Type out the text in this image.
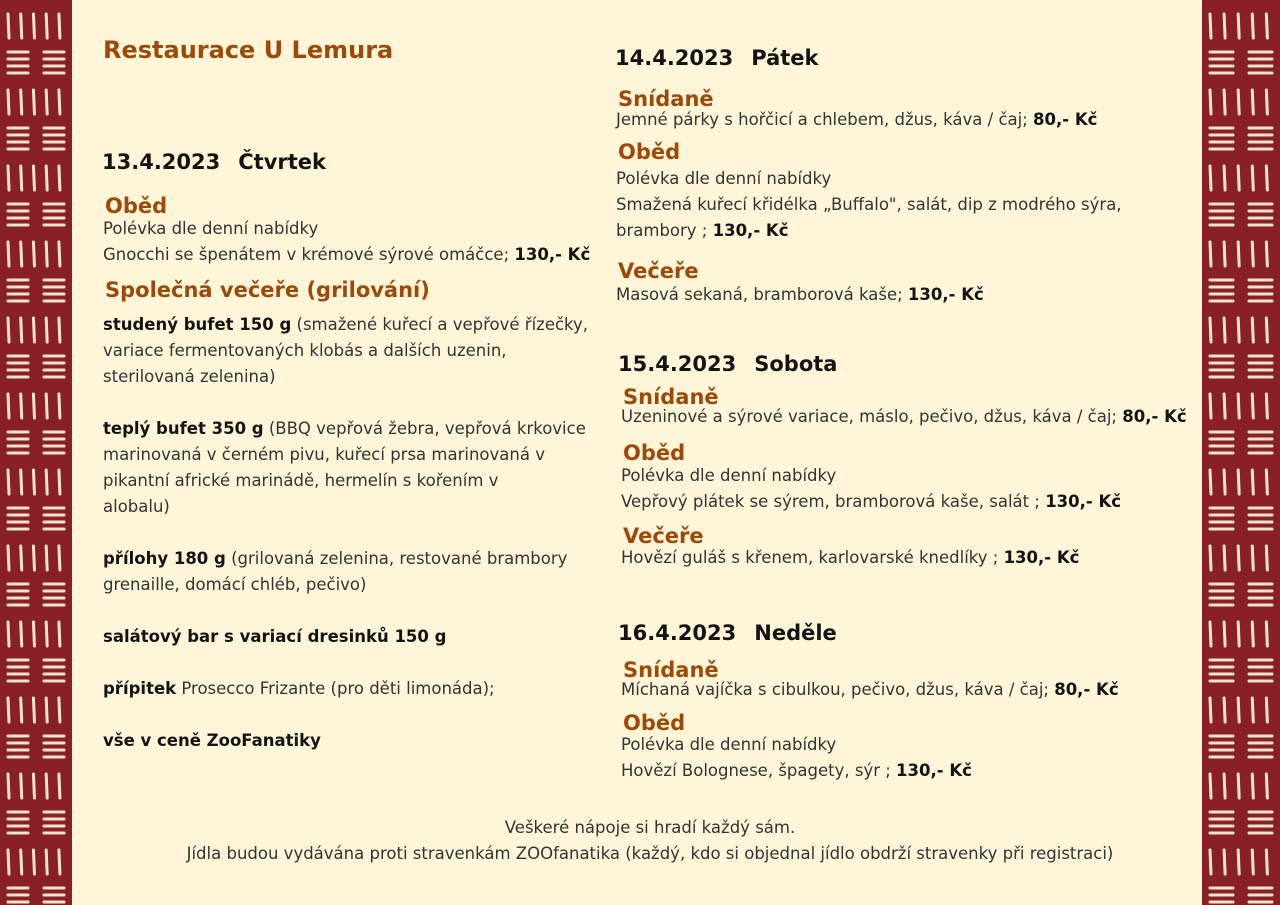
Restaurace U Lemura
13.4.2023 Čtvrtek
Oběd
Polévka dle denní nabídky
Gnocchi se špenátem v krémové sýrové omáčce; 130,- Kč
Společná večeře (grilování)
studený bufet 150 g (smažené kuřecí a vepřové řízečky,
variace fermentovaných klobás a dalších uzenin,
sterilovaná zelenina)
teplý bufet 350 g (BBQ vepřová žebra, vepřová krkovice
marinovaná v černém pivu, kuřecí prsa marinovaná v
pikantní africké marinádě, hermelín s kořením v
alobalu)
přílohy 180 g (grilovaná zelenina, restované brambory
grenaille, domácí chléb, pečivo)
salátový bar s variací dresinků 150 g
přípitek Prosecco Frizante (pro děti limonáda);
vše v ceně ZooFanatiky
14.4.2023 Pátek
Snídaně
Jemné párky s hořčicí a chlebem, džus, káva / čaj; 80,- Kč
Oběd
Polévka dle denní nabídky
Smažená kuřecí křidélka „Buffalo", salát, dip z modrého sýra,
brambory ; 130,- Kč
Večeře
Masová sekaná, bramborová kaše; 130,- Kč
15.4.2023 Sobota
Snídaně
Uzeninové a sýrové variace, máslo, pečivo, džus, káva / čaj; 80,- Kč
Oběd
Polévka dle denní nabídky
Vepřový plátek se sýrem, bramborová kaše, salát ; 130,- Kč
Večeře
Hovězí guláš s křenem, karlovarské knedlíky ; 130,- Kč
16.4.2023 Neděle
Snídaně
Míchaná vajíčka s cibulkou, pečivo, džus, káva / čaj; 80,- Kč
Oběd
Polévka dle denní nabídky
Hovězí Bolognese, špagety, sýr ; 130,- Kč
Veškeré nápoje si hradí každý sám.
Jídla budou vydávána proti stravenkám ZOOfanatika (každý, kdo si objednal jídlo obdrží stravenky při registraci)
